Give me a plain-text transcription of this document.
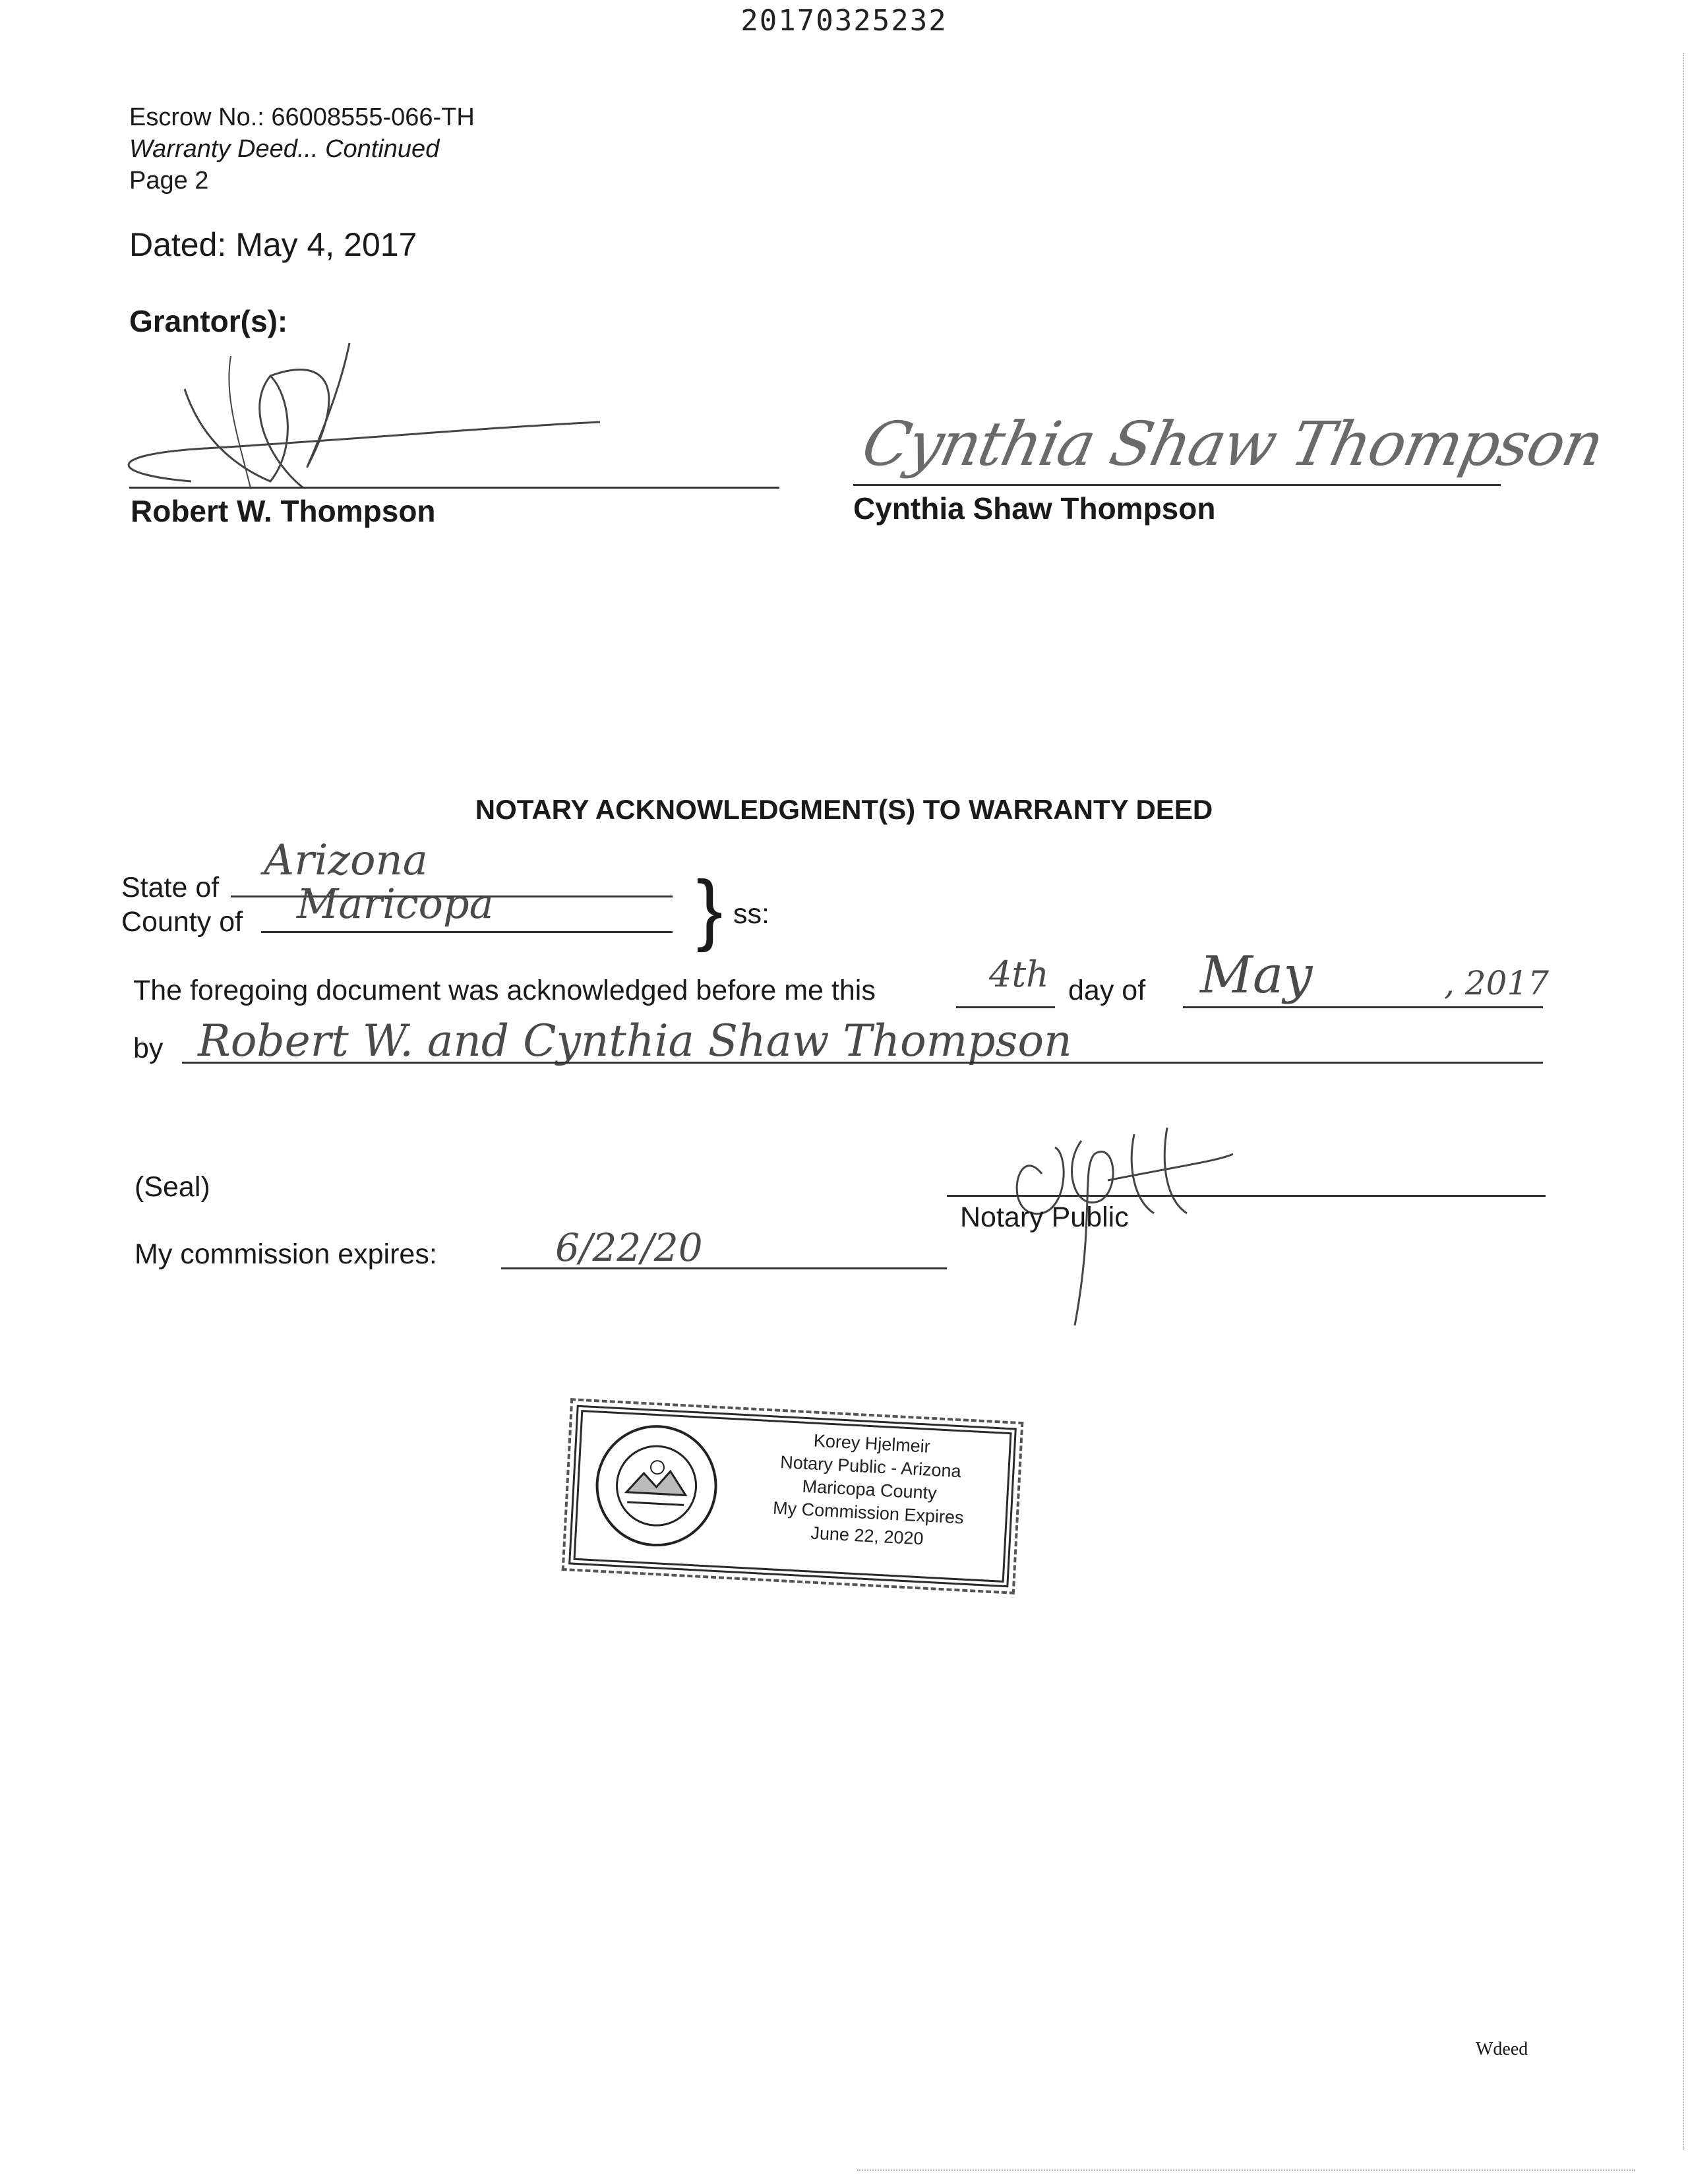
20170325232
Escrow No.: 66008555-066-TH
Warranty Deed... Continued
Page 2
Dated: May 4, 2017
Grantor(s):
Robert W. Thompson
Cynthia Shaw Thompson
Cynthia Shaw Thompson
NOTARY ACKNOWLEDGMENT(S) TO WARRANTY DEED
State of
Arizona
County of Maricopa	} ss:
The foregoing document was acknowledged before me this	4th day of May	, 2017
by Robert W. and Cynthia Shaw Thompson
(Seal)
Notary Public
My commission expires:	6/22/20
Korey Hjelmeir
Notary Public - Arizona
Maricopa County
My Commission Expires
June 22, 2020
Wdeed
